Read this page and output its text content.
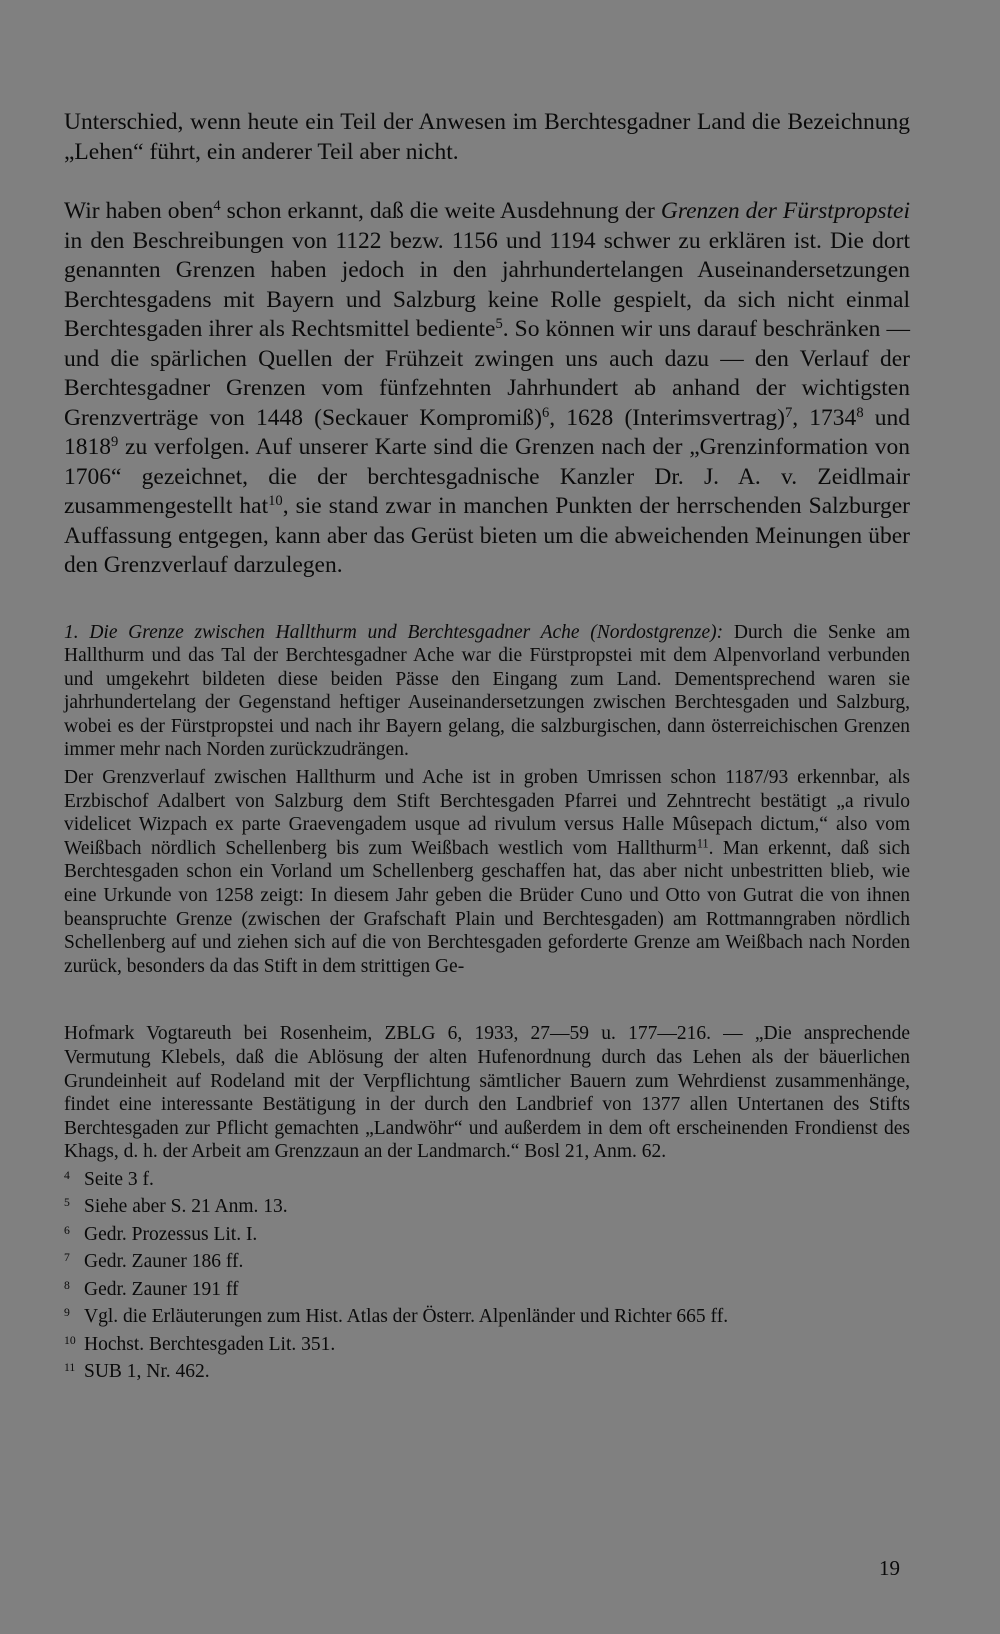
Unterschied, wenn heute ein Teil der Anwesen im Berchtesgadner Land die Bezeichnung „Lehen“ führt, ein anderer Teil aber nicht.

Wir haben oben$^4$ schon erkannt, daß die weite Ausdehnung der Grenzen der Fürstpropstei in den Beschreibungen von 1122 bezw. 1156 und 1194 schwer zu erklären ist. Die dort genannten Grenzen haben jedoch in den jahrhundertelangen Auseinandersetzungen Berchtesgadens mit Bayern und Salzburg keine Rolle gespielt, da sich nicht einmal Berchtesgaden ihrer als Rechtsmittel bediente$^5$. So können wir uns darauf beschränken — und die spärlichen Quellen der Frühzeit zwingen uns auch dazu — den Verlauf der Berchtesgadner Grenzen vom fünfzehnten Jahrhundert ab anhand der wichtigsten Grenzverträge von 1448 (Seckauer Kompromiß)$^6$, 1628 (Interimsvertrag)$^7$, 1734$^8$ und 1818$^9$ zu verfolgen. Auf unserer Karte sind die Grenzen nach der „Grenzinformation von 1706“ gezeichnet, die der berchtesgadnische Kanzler Dr. J. A. v. Zeidlmair zusammengestellt hat$^{10}$, sie stand zwar in manchen Punkten der herrschenden Salzburger Auffassung entgegen, kann aber das Gerüst bieten um die abweichenden Meinungen über den Grenzverlauf darzulegen.

1. Die Grenze zwischen Hallthurm und Berchtesgadner Ache (Nordostgrenze): Durch die Senke am Hallthurm und das Tal der Berchtesgadner Ache war die Fürstpropstei mit dem Alpenvorland verbunden und umgekehrt bildeten diese beiden Pässe den Eingang zum Land. Dementsprechend waren sie jahrhundertelang der Gegenstand heftiger Auseinandersetzungen zwischen Berchtesgaden und Salzburg, wobei es der Fürstpropstei und nach ihr Bayern gelang, die salzburgischen, dann österreichischen Grenzen immer mehr nach Norden zurückzudrängen.

Der Grenzverlauf zwischen Hallthurm und Ache ist in groben Umrissen schon 1187/93 erkennbar, als Erzbischof Adalbert von Salzburg dem Stift Berchtesgaden Pfarrei und Zehntrecht bestätigt „a rivulo videlicet Wizpach ex parte Graevengadem usque ad rivulum versus Halle Mûsepach dictum,“ also vom Weißbach nördlich Schellenberg bis zum Weißbach westlich vom Hallthurm$^{11}$. Man erkennt, daß sich Berchtesgaden schon ein Vorland um Schellenberg geschaffen hat, das aber nicht unbestritten blieb, wie eine Urkunde von 1258 zeigt: In diesem Jahr geben die Brüder Cuno und Otto von Gutrat die von ihnen beanspruchte Grenze (zwischen der Grafschaft Plain und Berchtesgaden) am Rottmanngraben nördlich Schellenberg auf und ziehen sich auf die von Berchtesgaden geforderte Grenze am Weißbach nach Norden zurück, besonders da das Stift in dem strittigen Ge-

Hofmark Vogtareuth bei Rosenheim, ZBLG 6, 1933, 27—59 u. 177—216. — „Die ansprechende Vermutung Klebels, daß die Ablösung der alten Hufenordnung durch das Lehen als der bäuerlichen Grundeinheit auf Rodeland mit der Verpflichtung sämtlicher Bauern zum Wehrdienst zusammenhänge, findet eine interessante Bestätigung in der durch den Landbrief von 1377 allen Untertanen des Stifts Berchtesgaden zur Pflicht gemachten „Landwöhr“ und außerdem in dem oft erscheinenden Frondienst des Khags, d. h. der Arbeit am Grenzzaun an der Landmarch.“ Bosl 21, Anm. 62.

4 Seite 3 f.
5 Siehe aber S. 21 Anm. 13.
6 Gedr. Prozessus Lit. I.
7 Gedr. Zauner 186 ff.
8 Gedr. Zauner 191 ff
9 Vgl. die Erläuterungen zum Hist. Atlas der Österr. Alpenländer und Richter 665 ff.
10 Hochst. Berchtesgaden Lit. 351.
11 SUB 1, Nr. 462.
19
